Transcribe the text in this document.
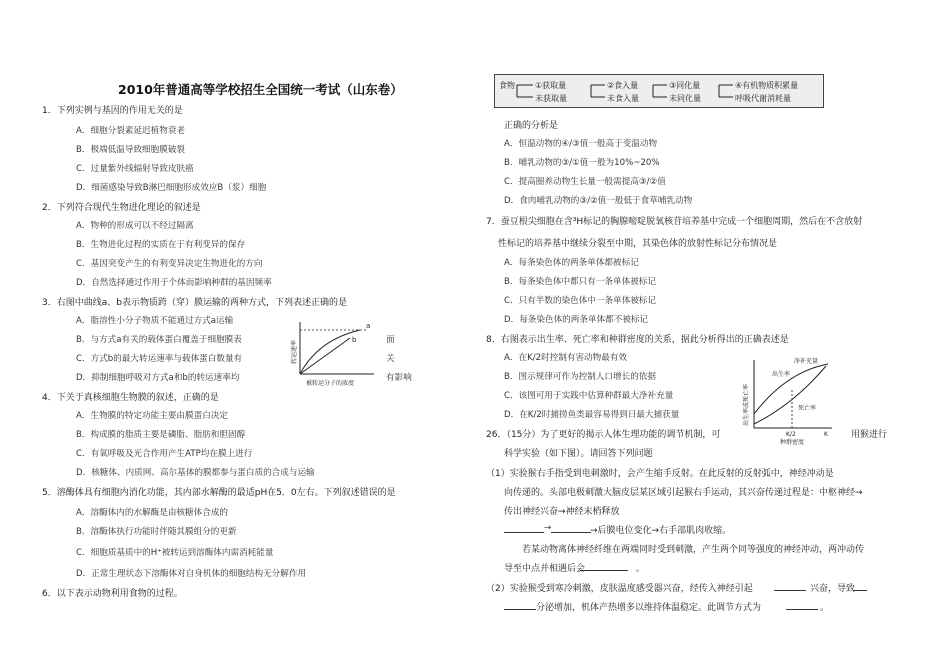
2010年普通高等学校招生全国统一考试（山东卷）
1．下列实例与基因的作用无关的是
A．细胞分裂素延迟植物衰老
B．极端低温导致细胞膜破裂
C．过量紫外线辐射导致皮肤癌
D．细菌感染导致B淋巴细胞形成效应B（浆）细胞
2．下列符合现代生物进化理论的叙述是
A．物种的形成可以不经过隔离
B．生物进化过程的实质在于有利变异的保存
C．基因突变产生的有利变异决定生物进化的方向
D．自然选择通过作用于个体而影响种群的基因频率
3．右图中曲线a、b表示物质跨（穿）膜运输的两种方式，下列表述正确的是
A．脂溶性小分子物质不能通过方式a运输
B．与方式a有关的载体蛋白覆盖于细胞膜表	面
C．方式b的最大转运速率与载体蛋白数量有	关
D．抑制细胞呼吸对方式a和b的转运速率均	有影响
4．下关于真核细胞生物膜的叙述，正确的是
A．生物膜的特定功能主要由膜蛋白决定
B．构成膜的脂质主要是磷脂、脂肪和胆固醇
C．有氧呼吸及光合作用产生ATP均在膜上进行
D．核糖体、内质网、高尔基体的膜都参与蛋白质的合成与运输
5．溶酶体具有细胞内消化功能，其内部水解酶的最适pH在5．0左右。下列叙述错误的是
A．溶酶体内的水解酶是由核糖体合成的
B．溶酶体执行功能时伴随其膜组分的更新
C．细胞质基质中的H⁺被转运到溶酶体内需消耗能量
D．正常生理状态下溶酶体对自身机体的细胞结构无分解作用
6．以下表示动物利用食物的过程。
正确的分析是
A．恒温动物的④/③值一般高于变温动物
B．哺乳动物的③/①值一般为10%~20%
C．提高圈养动物生长量一般需提高③/②值
D．食肉哺乳动物的③/②值一般低于食草哺乳动物
7．蚕豆根尖细胞在含³H标记的胸腺嘧啶脱氧核苷培养基中完成一个细胞周期，然后在不含放射
性标记的培养基中继续分裂至中期，其染色体的放射性标记分布情况是
A．每条染色体的两条单体都被标记
B．每条染色体中都只有一条单体被标记
C．只有半数的染色体中一条单体被标记
D．每条染色体的两条单体都不被标记
8．右图表示出生率、死亡率和种群密度的关系，据此分析得出的正确表述是
A．在K/2时控制有害动物最有效
B．图示规律可作为控制人口增长的依据
C．该图可用于实践中估算种群最大净补充量
D．在K/2时捕捞鱼类最容易得到日最大捕获量
26．（15分）为了更好的揭示人体生理功能的调节机制，可	用猴进行
科学实验（如下图）。请回答下列问题
（1）实验猴右手指受到电刺激时，会产生缩手反射。在此反射的反射弧中，神经冲动是
向传递的。头部电极刺激大脑皮层某区域引起猴右手运动，其兴奋传递过程是：中枢神经→
传出神经兴奋→神经末梢释放
→后膜电位变化→右手部肌肉收缩。
若某动物离体神经纤维在两端同时受到刺激，产生两个同等强度的神经冲动，两冲动传
导至中点并相遇后会	。
（2）实验猴受到寒冷刺激，皮肤温度感受器兴奋，经传入神经引起	兴奋，导致
分泌增加，机体产热增多以维持体温稳定。此调节方式为	。
→
食物	①获取量
未获取量
②食入量
未食入量
③同化量
未同化量
④有机物质积累量
呼吸代谢消耗量
转运速率
a
b
被转运分子的浓度
出生率或死亡率
出生率
死亡率
净补充量
K/2	K
种群密度
